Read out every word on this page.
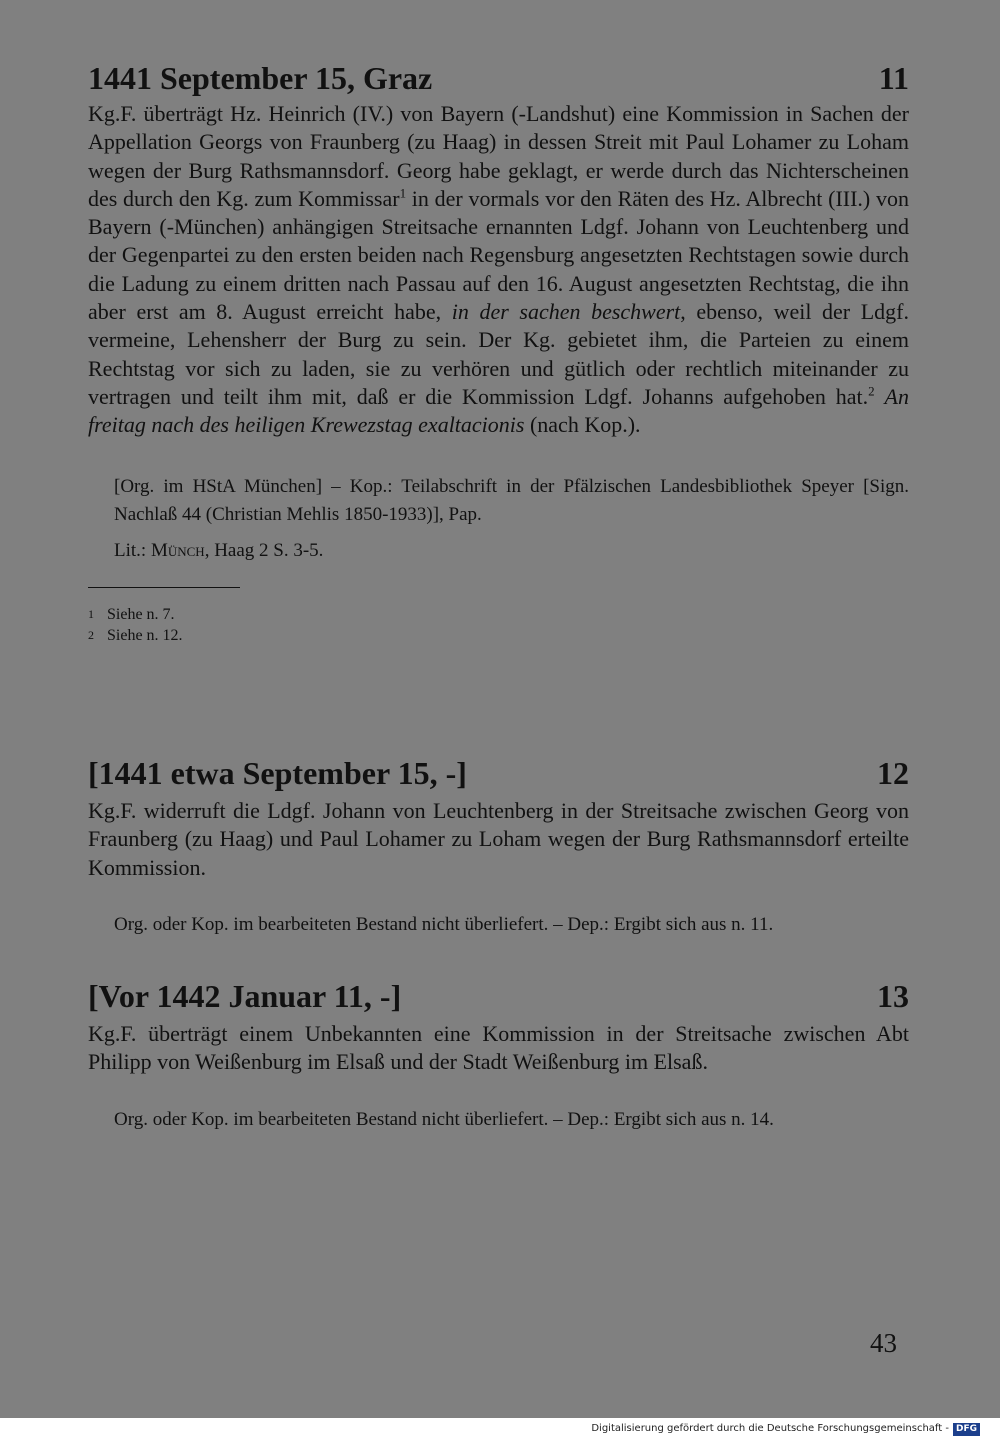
1441 September 15, Graz	11
Kg.F. überträgt Hz. Heinrich (IV.) von Bayern (-Landshut) eine Kommission in Sachen der Appellation Georgs von Fraunberg (zu Haag) in dessen Streit mit Paul Lohamer zu Loham wegen der Burg Rathsmannsdorf. Georg habe geklagt, er werde durch das Nichterscheinen des durch den Kg. zum Kommissar$^1$ in der vormals vor den Räten des Hz. Albrecht (III.) von Bayern (-München) anhängigen Streitsache ernannten Ldgf. Johann von Leuchtenberg und der Gegenpartei zu den ersten beiden nach Regensburg angesetzten Rechtstagen sowie durch die Ladung zu einem dritten nach Passau auf den 16. August angesetzten Rechtstag, die ihn aber erst am 8. August erreicht habe, in der sachen beschwert, ebenso, weil der Ldgf. vermeine, Lehensherr der Burg zu sein. Der Kg. gebietet ihm, die Parteien zu einem Rechtstag vor sich zu laden, sie zu verhören und gütlich oder rechtlich miteinander zu vertragen und teilt ihm mit, daß er die Kommission Ldgf. Johanns aufgehoben hat.$^2$ An freitag nach des heiligen Krewezstag exaltacionis (nach Kop.).
[Org. im HStA München] – Kop.: Teilabschrift in der Pfälzischen Landesbibliothek Speyer [Sign. Nachlaß 44 (Christian Mehlis 1850-1933)], Pap.
Lit.: Münch, Haag 2 S. 3-5.
1 Siehe n. 7.
2 Siehe n. 12.
[1441 etwa September 15, -]	12
Kg.F. widerruft die Ldgf. Johann von Leuchtenberg in der Streitsache zwischen Georg von Fraunberg (zu Haag) und Paul Lohamer zu Loham wegen der Burg Rathsmannsdorf erteilte Kommission.
Org. oder Kop. im bearbeiteten Bestand nicht überliefert. – Dep.: Ergibt sich aus n. 11.
[Vor 1442 Januar 11, -]	13
Kg.F. überträgt einem Unbekannten eine Kommission in der Streitsache zwischen Abt Philipp von Weißenburg im Elsaß und der Stadt Weißenburg im Elsaß.
Org. oder Kop. im bearbeiteten Bestand nicht überliefert. – Dep.: Ergibt sich aus n. 14.
43
Digitalisierung gefördert durch die Deutsche Forschungsgemeinschaft - DFG
